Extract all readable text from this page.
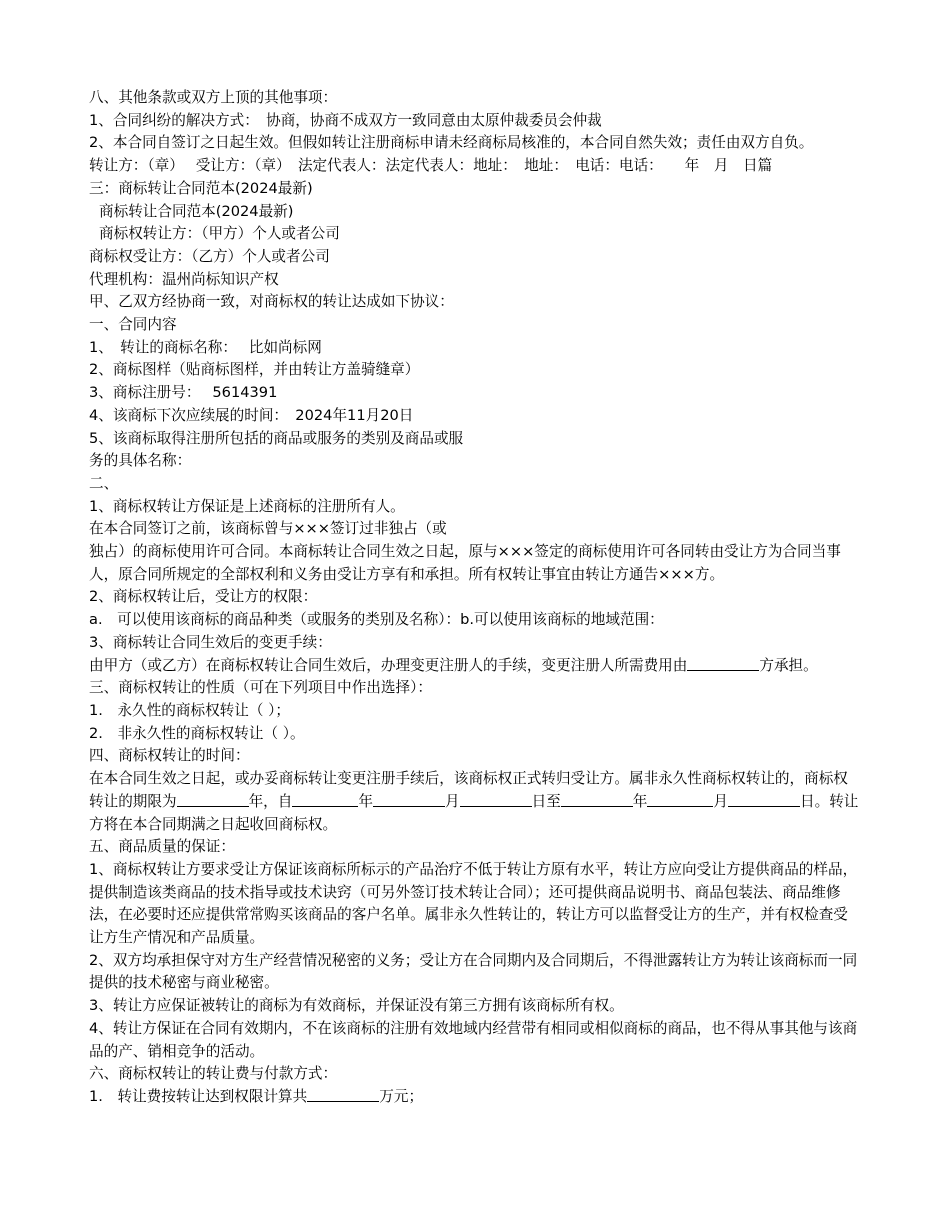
八、其他条款或双方上顶的其他事项：
1、合同纠纷的解决方式：　协商，协商不成双方一致同意由太原仲裁委员会仲裁
2、本合同自签订之日起生效。但假如转让注册商标申请未经商标局核准的，本合同自然失效；责任由双方自负。
转让方：（章）　 受让方：（章）　法定代表人：法定代表人：地址：　地址：　电话：电话：　　年　月　日篇
三：商标转让合同范本(2024最新)
商标转让合同范本(2024最新)
商标权转让方：（甲方）个人或者公司
商标权受让方：（乙方）个人或者公司
代理机构：温州尚标知识产权
甲、乙双方经协商一致，对商标权的转让达成如下协议：
一、合同内容
1、　转让的商标名称：　 比如尚标网
2、商标图样（贴商标图样，并由转让方盖骑缝章）
3、商标注册号：　 5614391
4、该商标下次应续展的时间：　2024年11月20日
5、该商标取得注册所包括的商品或服务的类别及商品或服
务的具体名称：
二、
1、商标权转让方保证是上述商标的注册所有人。
在本合同签订之前，该商标曾与×××签订过非独占（或
独占）的商标使用许可合同。本商标转让合同生效之日起，原与×××签定的商标使用许可各同转由受让方为合同当事人，原合同所规定的全部权利和义务由受让方享有和承担。所有权转让事宜由转让方通告×××方。
2、商标权转让后，受让方的权限：
a.　可以使用该商标的商品种类（或服务的类别及名称）：b.可以使用该商标的地域范围：
3、商标转让合同生效后的变更手续：
由甲方（或乙方）在商标权转让合同生效后，办理变更注册人的手续，变更注册人所需费用由	方承担。
三、商标权转让的性质（可在下列项目中作出选择）：
1.　永久性的商标权转让（ ）；
2.　非永久性的商标权转让（ ）。
四、商标权转让的时间：
在本合同生效之日起，或办妥商标转让变更注册手续后，该商标权正式转归受让方。属非永久性商标权转让的，商标权转让的期限为	年，自	年	月	日至	年	月	日。转让方将在本合同期满之日起收回商标权。
五、商品质量的保证：
1、商标权转让方要求受让方保证该商标所标示的产品治疗不低于转让方原有水平，转让方应向受让方提供商品的样品，提供制造该类商品的技术指导或技术诀窍（可另外签订技术转让合同）；还可提供商品说明书、商品包装法、商品维修法，在必要时还应提供常常购买该商品的客户名单。属非永久性转让的，转让方可以监督受让方的生产，并有权检查受让方生产情况和产品质量。
2、双方均承担保守对方生产经营情况秘密的义务；受让方在合同期内及合同期后，不得泄露转让方为转让该商标而一同提供的技术秘密与商业秘密。
3、转让方应保证被转让的商标为有效商标，并保证没有第三方拥有该商标所有权。
4、转让方保证在合同有效期内，不在该商标的注册有效地域内经营带有相同或相似商标的商品，也不得从事其他与该商品的产、销相竞争的活动。
六、商标权转让的转让费与付款方式：
1.　转让费按转让达到权限计算共	万元；
